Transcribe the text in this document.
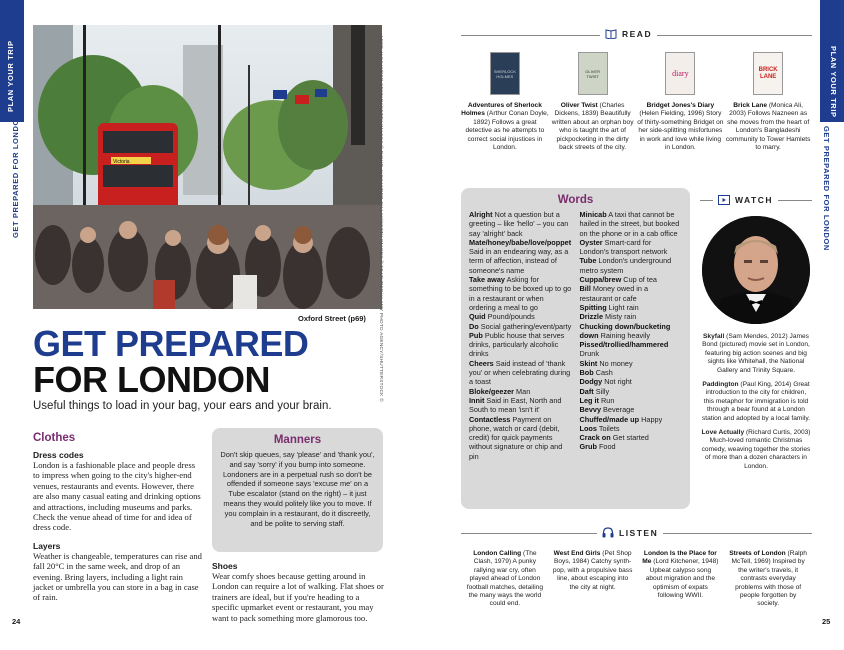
PLAN YOUR TRIP
GET PREPARED FOR LONDON
PLAN YOUR TRIP
GET PREPARED FOR LONDON
Victoria	LEFT: ALEXANDER SPATARI/GETTY IMAGES © RIGHT: ALEXANDER GILLAY/GETTY IMAGES © FEATURED/ALAMY PHOTO AGENCY/SHUTTERSTOCK ©
Oxford Street (p69)
GET PREPARED
FOR LONDON

Useful things to load in your bag, your ears and your brain.

Clothes
Dress codes

London is a fashionable place and people dress to impress when going to the city's higher-end venues, restaurants and events. However, there are also many casual eating and drinking options and attractions, including museums and parks. Check the venue ahead of time for and idea of dress code.

Layers

Weather is changeable, temperatures can rise and fall 20°C in the same week, and drop of an evening. Bring layers, including a light rain jacket or umbrella you can store in a bag in case of rain.

Manners

Don't skip queues, say 'please' and 'thank you', and say 'sorry' if you bump into someone. Londoners are in a perpetual rush so don't be offended if someone says 'excuse me' on a Tube escalator (stand on the right) – it just means they would politely like you to move. If you complain in a restaurant, do it discreetly, and be polite to serving staff.

Shoes

Wear comfy shoes because getting around in London can require a lot of walking. Flat shoes or trainers are ideal, but if you're heading to a specific upmarket event or restaurant, you may want to pack something more glamorous too.

24	25
READ
SHERLOCK HOLMES

Adventures of Sherlock Holmes (Arthur Conan Doyle, 1892) Follows a great detective as he attempts to correct social injustices in London.

OLIVER TWIST

Oliver Twist (Charles Dickens, 1839) Beautifully written about an orphan boy who is taught the art of pickpocketing in the dirty back streets of the city.

diary

Bridget Jones's Diary (Helen Fielding, 1996) Story of thirty-something Bridget on her side-splitting misfortunes in work and love while living in London.

BRICK LANE

Brick Lane (Monica Ali, 2003) Follows Nazneen as she moves from the heart of London's Bangladeshi community to Tower Hamlets to marry.

Words
Alright Not a question but a greeting – like 'hello' – you can say 'alright' back
Mate/honey/babe/love/poppet Said in an endearing way, as a term of affection, instead of someone's name
Take away Asking for something to be boxed up to go in a restaurant or when ordering a meal to go
Quid Pound/pounds
Do Social gathering/event/party
Pub Public house that serves drinks, particularly alcoholic drinks
Cheers Said instead of 'thank you' or when celebrating during a toast
Bloke/geezer Man
Innit Said in East, North and South to mean 'isn't it'
Contactless Payment on phone, watch or card (debit, credit) for quick payments without signature or chip and pin
Minicab A taxi that cannot be hailed in the street, but booked on the phone or in a cab office
Oyster Smart-card for London's transport network
Tube London's underground metro system
Cuppa/brew Cup of tea
Bill Money owed in a restaurant or cafe
Spitting Light rain
Drizzle Misty rain
Chucking down/bucketing down Raining heavily
Pissed/trollied/hammered Drunk
Skint No money
Bob Cash
Dodgy Not right
Daft Silly
Leg it Run
Bevvy Beverage
Chuffed/made up Happy
Loos Toilets
Crack on Get started
Grub Food
WATCH

Skyfall (Sam Mendes, 2012) James Bond (pictured) movie set in London, featuring big action scenes and big sights like Whitehall, the National Gallery and Trinity Square.

Paddington (Paul King, 2014) Great introduction to the city for children, this metaphor for immigration is told through a bear found at a London station and adopted by a local family.

Love Actually (Richard Curtis, 2003) Much-loved romantic Christmas comedy, weaving together the stories of more than a dozen characters in London.

LISTEN

London Calling (The Clash, 1979) A punky rallying war cry, often played ahead of London football matches, detailing the many ways the world could end.

West End Girls (Pet Shop Boys, 1984) Catchy synth-pop, with a propulsive bass line, about escaping into the city at night.

London Is the Place for Me (Lord Kitchener, 1948) Upbeat calypso song about migration and the optimism of expats following WWII.

Streets of London (Ralph McTell, 1969) Inspired by the writer's travels, it contrasts everyday problems with those of people forgotten by society.
